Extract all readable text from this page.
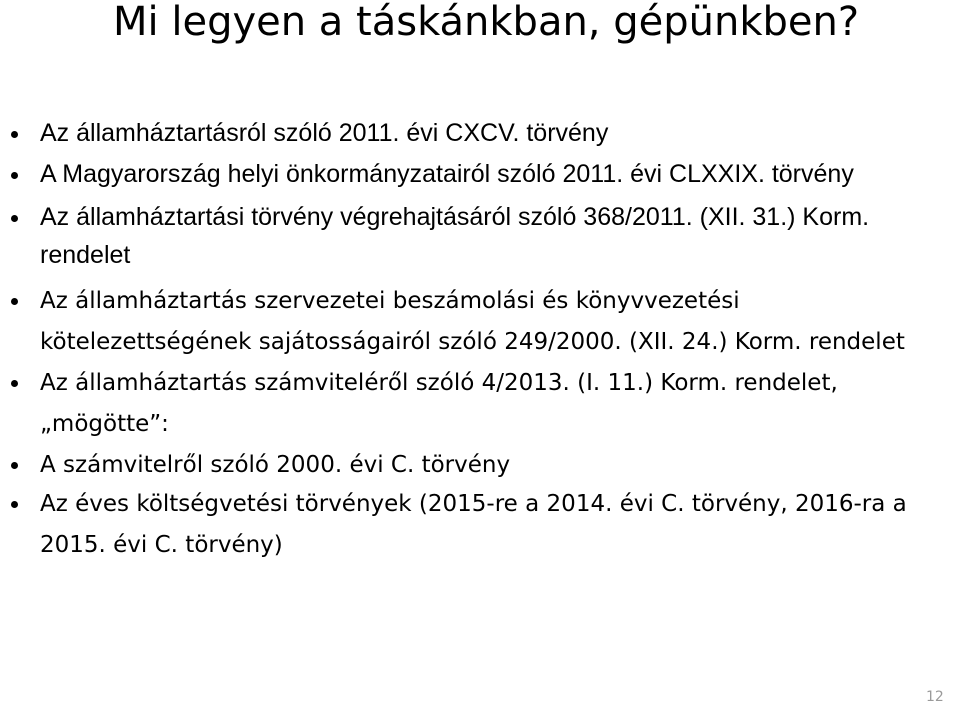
Mi legyen a táskánkban, gépünkben?
Az államháztartásról szóló 2011. évi CXCV. törvény
A Magyarország helyi önkormányzatairól szóló 2011. évi CLXXIX. törvény
Az államháztartási törvény végrehajtásáról szóló 368/2011. (XII. 31.) Korm. rendelet
Az államháztartás szervezetei beszámolási és könyvvezetési kötelezettségének sajátosságairól szóló 249/2000. (XII. 24.) Korm. rendelet
Az államháztartás számviteléről szóló 4/2013. (I. 11.) Korm. rendelet, „mögötte”:
A számvitelről szóló 2000. évi C. törvény
Az éves költségvetési törvények (2015-re a 2014. évi C. törvény, 2016-ra a 2015. évi C. törvény)
12
